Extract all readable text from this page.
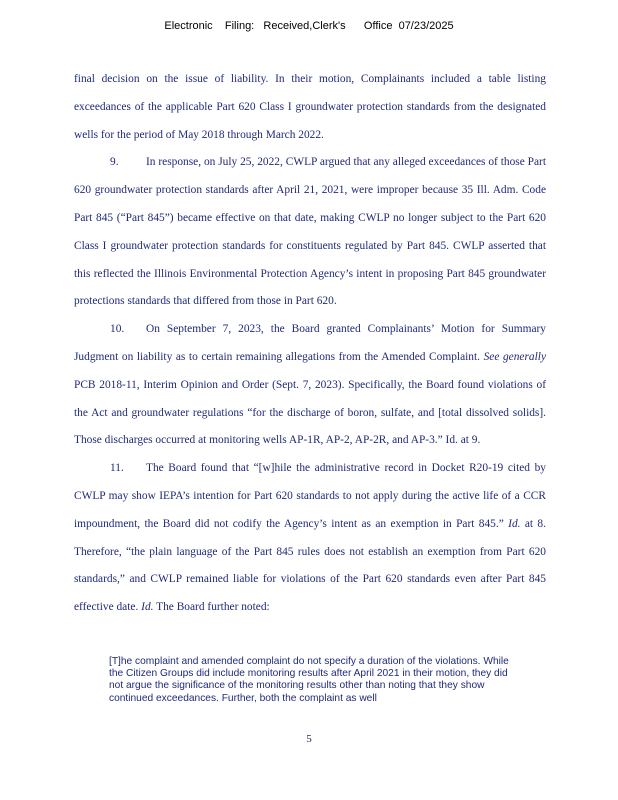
Electronic    Filing:   Received,Clerk's      Office  07/23/2025

final decision on the issue of liability. In their motion, Complainants included a table listing exceedances of the applicable Part 620 Class I groundwater protection standards from the designated wells for the period of May 2018 through March 2022.

9. In response, on July 25, 2022, CWLP argued that any alleged exceedances of those Part 620 groundwater protection standards after April 21, 2021, were improper because 35 Ill. Adm. Code Part 845 (“Part 845”) became effective on that date, making CWLP no longer subject to the Part 620 Class I groundwater protection standards for constituents regulated by Part 845. CWLP asserted that this reflected the Illinois Environmental Protection Agency’s intent in proposing Part 845 groundwater protections standards that differed from those in Part 620.

10. On September 7, 2023, the Board granted Complainants’ Motion for Summary Judgment on liability as to certain remaining allegations from the Amended Complaint. See generally PCB 2018-11, Interim Opinion and Order (Sept. 7, 2023). Specifically, the Board found violations of the Act and groundwater regulations “for the discharge of boron, sulfate, and [total dissolved solids]. Those discharges occurred at monitoring wells AP-1R, AP-2, AP-2R, and AP-3.” Id. at 9.

11. The Board found that “[w]hile the administrative record in Docket R20-19 cited by CWLP may show IEPA’s intention for Part 620 standards to not apply during the active life of a CCR impoundment, the Board did not codify the Agency’s intent as an exemption in Part 845.” Id. at 8. Therefore, “the plain language of the Part 845 rules does not establish an exemption from Part 620 standards,” and CWLP remained liable for violations of the Part 620 standards even after Part 845 effective date. Id. The Board further noted:

[T]he complaint and amended complaint do not specify a duration of the violations. While the Citizen Groups did include monitoring results after April 2021 in their motion, they did not argue the significance of the monitoring results other than noting that they show continued exceedances. Further, both the complaint as well

5
